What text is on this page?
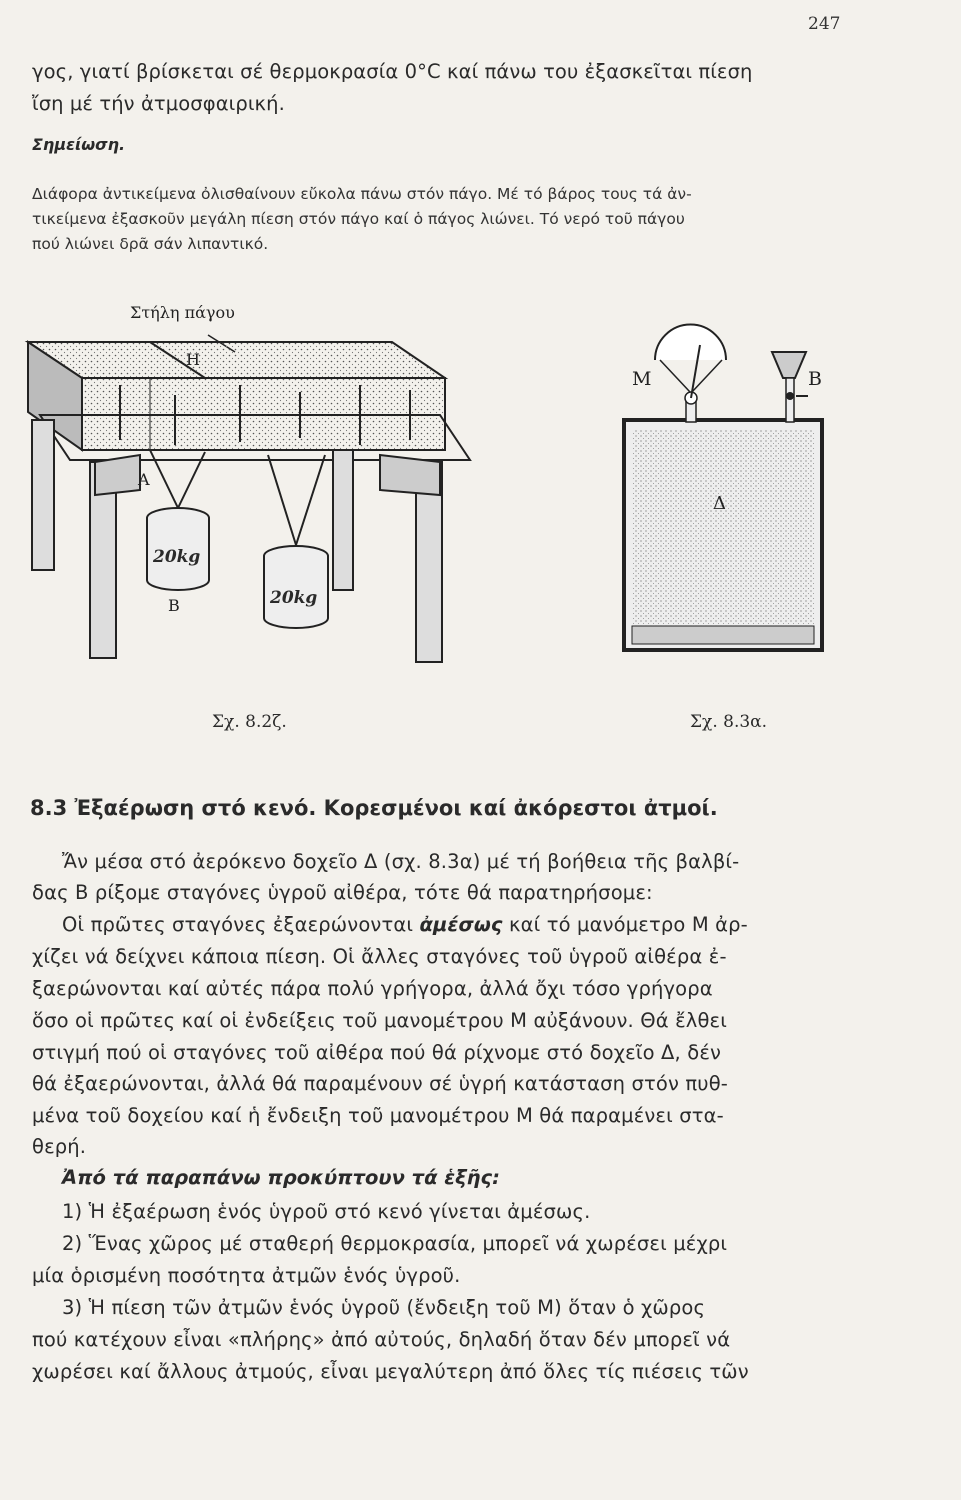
247
γος, γιατί βρίσκεται σέ θερμοκρασία 0°C καί πάνω του ἐξασκεῖται πίεση
ἴση μέ τήν ἀτμοσφαιρική.
Σημείωση.
Διάφορα ἀντικείμενα ὀλισθαίνουν εὔκολα πάνω στόν πάγο. Μέ τό βάρος τους τά ἀν-
τικείμενα ἐξασκοῦν μεγάλη πίεση στόν πάγο καί ὁ πάγος λιώνει. Τό νερό τοῦ πάγου
πού λιώνει δρᾶ σάν λιπαντικό.
Στήλη πάγου
Η
Α
Β
20kg
20kg
Σχ. 8.2ζ.
Μ	Β
Δ
Σχ. 8.3α.
8.3 Ἐξαέρωση στό κενό. Κορεσμένοι καί ἀκόρεστοι ἀτμοί.
Ἄν μέσα στό ἀερόκενο δοχεῖο Δ (σχ. 8.3α) μέ τή βοήθεια τῆς βαλβί-
δας Β ρίξομε σταγόνες ὑγροῦ αἰθέρα, τότε θά παρατηρήσομε:
Οἱ πρῶτες σταγόνες ἐξαερώνονται ἀμέσως καί τό μανόμετρο Μ ἀρ-
χίζει νά δείχνει κάποια πίεση. Οἱ ἄλλες σταγόνες τοῦ ὑγροῦ αἰθέρα ἐ-
ξαερώνονται καί αὐτές πάρα πολύ γρήγορα, ἀλλά ὄχι τόσο γρήγορα
ὅσο οἱ πρῶτες καί οἱ ἐνδείξεις τοῦ μανομέτρου Μ αὐξάνουν. Θά ἔλθει
στιγμή πού οἱ σταγόνες τοῦ αἰθέρα πού θά ρίχνομε στό δοχεῖο Δ, δέν
θά ἐξαερώνονται, ἀλλά θά παραμένουν σέ ὑγρή κατάσταση στόν πυθ-
μένα τοῦ δοχείου καί ἡ ἔνδειξη τοῦ μανομέτρου Μ θά παραμένει στα-
θερή.
Ἀπό τά παραπάνω προκύπτουν τά ἑξῆς:
1) Ἡ ἐξαέρωση ἑνός ὑγροῦ στό κενό γίνεται ἀμέσως.
2) Ἕνας χῶρος μέ σταθερή θερμοκρασία, μπορεῖ νά χωρέσει μέχρι
μία ὁρισμένη ποσότητα ἀτμῶν ἑνός ὑγροῦ.
3) Ἡ πίεση τῶν ἀτμῶν ἑνός ὑγροῦ (ἔνδειξη τοῦ Μ) ὅταν ὁ χῶρος
πού κατέχουν εἶναι «πλήρης» ἀπό αὐτούς, δηλαδή ὅταν δέν μπορεῖ νά
χωρέσει καί ἄλλους ἀτμούς, εἶναι μεγαλύτερη ἀπό ὅλες τίς πιέσεις τῶν
